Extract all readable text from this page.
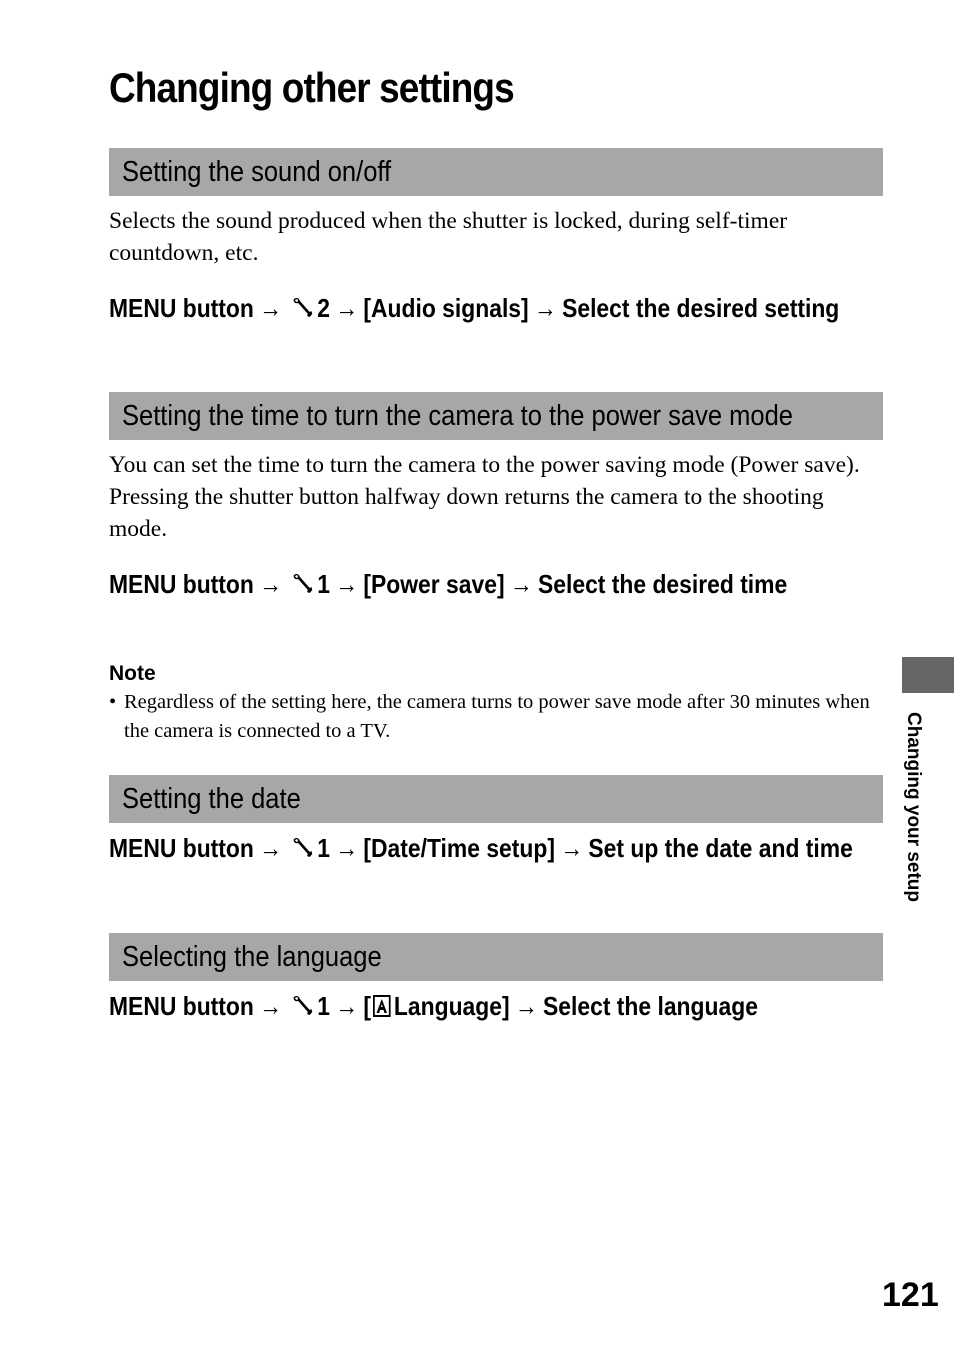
Changing other settings
Setting the sound on/off

Selects the sound produced when the shutter is locked, during self-timer countdown, etc.

MENU button → 2 → [Audio signals] → Select the desired setting
Setting the time to turn the camera to the power save mode

You can set the time to turn the camera to the power saving mode (Power save). Pressing the shutter button halfway down returns the camera to the shooting mode.

MENU button → 1 → [Power save] → Select the desired time

Note

• Regardless of the setting here, the camera turns to power save mode after 30 minutes when the camera is connected to a TV.

Setting the date
MENU button → 1 → [Date/Time setup] → Set up the date and time
Selecting the language
MENU button → 1 → [ Language] → Select the language
Changing your setup

121
